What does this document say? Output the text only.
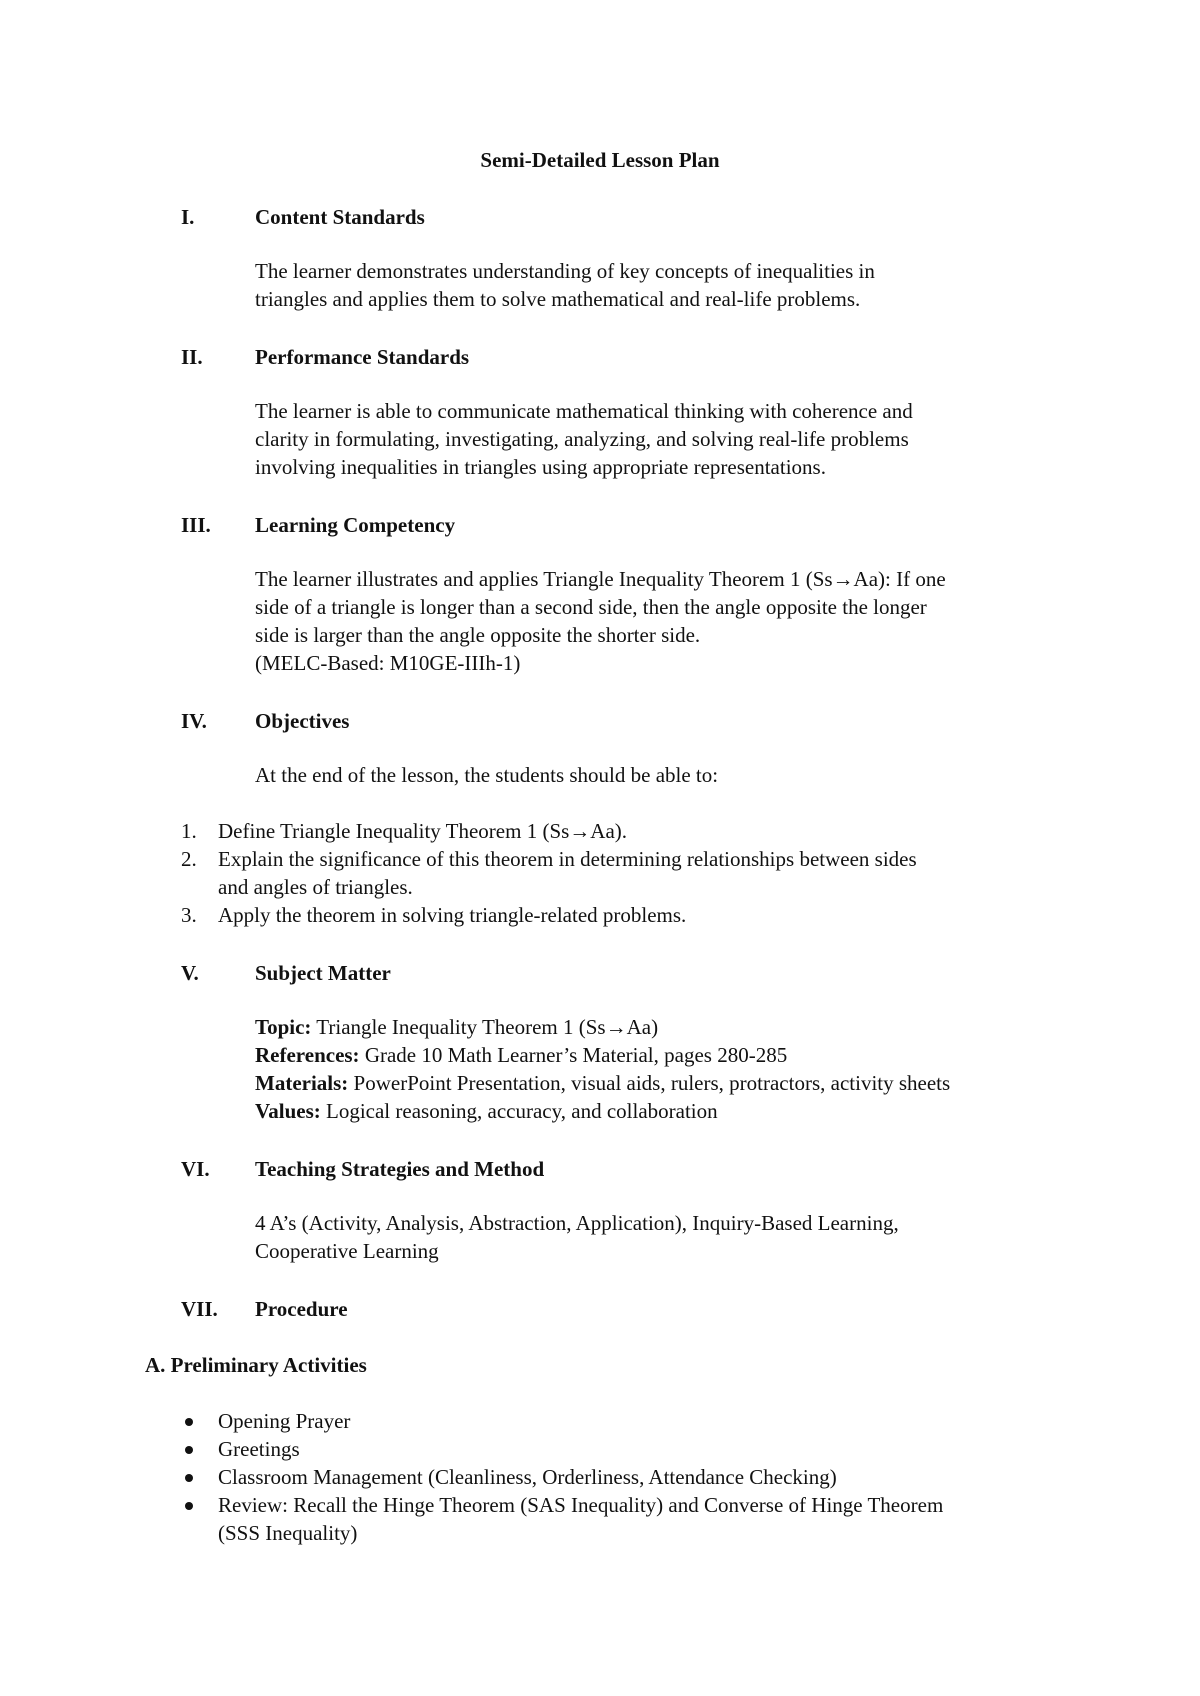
Semi-Detailed Lesson Plan
I.	Content Standards
The learner demonstrates understanding of key concepts of inequalities in
triangles and applies them to solve mathematical and real-life problems.
II. Performance Standards
The learner is able to communicate mathematical thinking with coherence and
clarity in formulating, investigating, analyzing, and solving real-life problems
involving inequalities in triangles using appropriate representations.
III. Learning Competency
The learner illustrates and applies Triangle Inequality Theorem 1 (Ss→Aa): If one
side of a triangle is longer than a second side, then the angle opposite the longer
side is larger than the angle opposite the shorter side.
(MELC-Based: M10GE-IIIh-1)
IV. Objectives
At the end of the lesson, the students should be able to:
1. Define Triangle Inequality Theorem 1 (Ss→Aa).
2. Explain the significance of this theorem in determining relationships between sides
and angles of triangles.
3. Apply the theorem in solving triangle-related problems.
V.	Subject Matter
Topic: Triangle Inequality Theorem 1 (Ss→Aa)
References: Grade 10 Math Learner’s Material, pages 280-285
Materials: PowerPoint Presentation, visual aids, rulers, protractors, activity sheets
Values: Logical reasoning, accuracy, and collaboration
VI. Teaching Strategies and Method
4 A’s (Activity, Analysis, Abstraction, Application), Inquiry-Based Learning,
Cooperative Learning
VII. Procedure
A. Preliminary Activities
Opening Prayer
Greetings
Classroom Management (Cleanliness, Orderliness, Attendance Checking)
Review: Recall the Hinge Theorem (SAS Inequality) and Converse of Hinge Theorem
(SSS Inequality)
